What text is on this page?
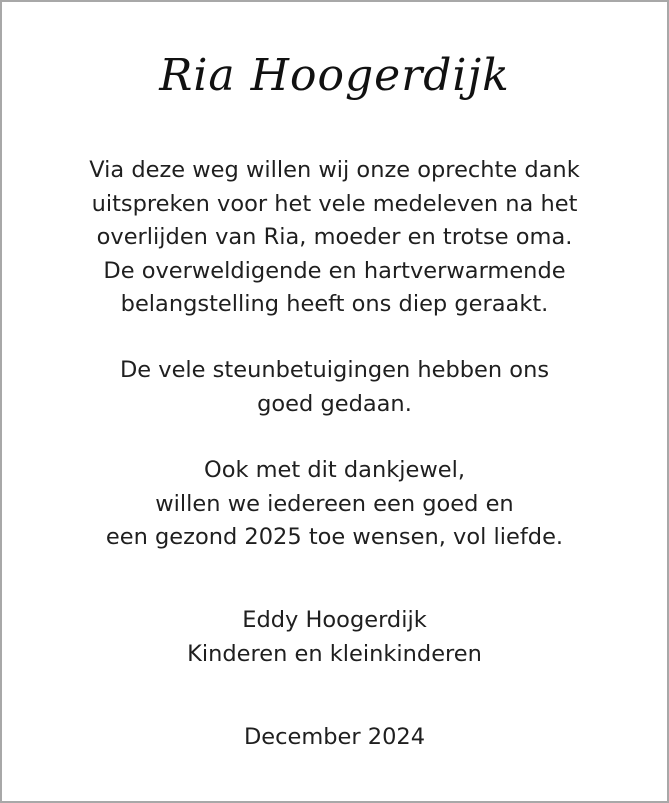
Ria Hoogerdijk

Via deze weg willen wij onze oprechte dank
uitspreken voor het vele medeleven na het
overlijden van Ria, moeder en trotse oma.
De overweldigende en hartverwarmende
belangstelling heeft ons diep geraakt.

De vele steunbetuigingen hebben ons
goed gedaan.

Ook met dit dankjewel,
willen we iedereen een goed en
een gezond 2025 toe wensen, vol liefde.

Eddy Hoogerdijk
Kinderen en kleinkinderen

December 2024
